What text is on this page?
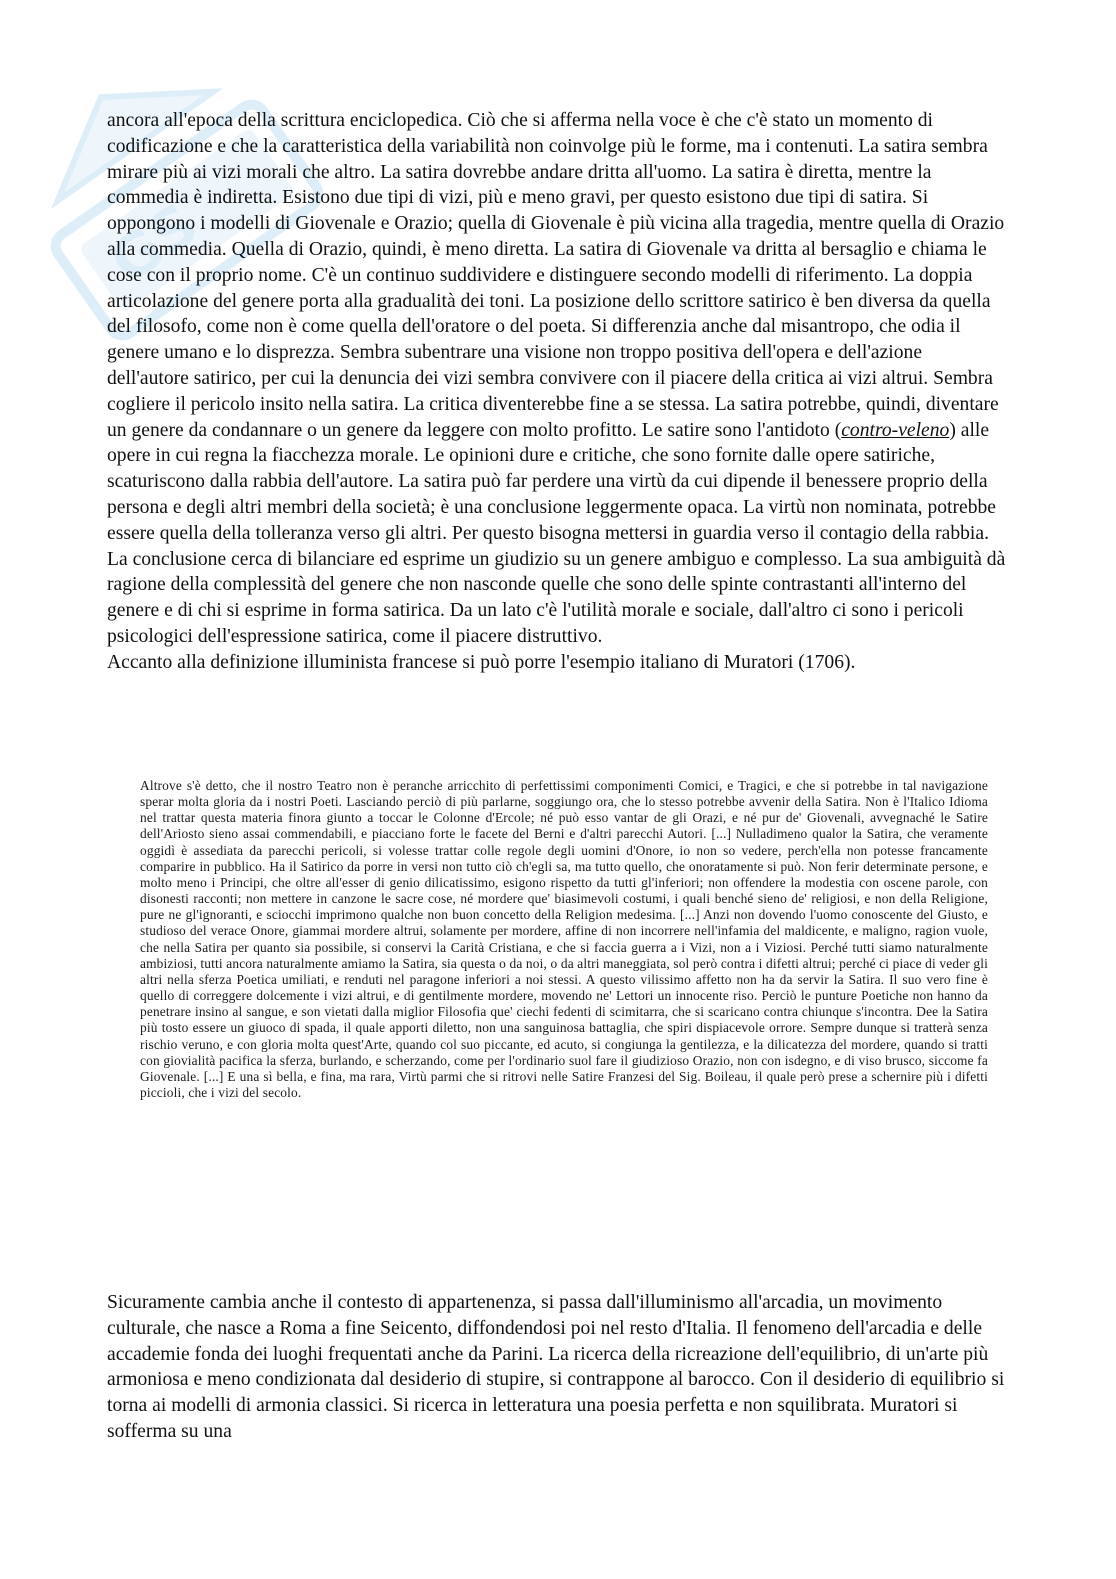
GS

ancora all'epoca della scrittura enciclopedica. Ciò che si afferma nella voce è che c'è stato un momento di codificazione e che la caratteristica della variabilità non coinvolge più le forme, ma i contenuti. La satira sembra mirare più ai vizi morali che altro. La satira dovrebbe andare dritta all'uomo. La satira è diretta, mentre la commedia è indiretta. Esistono due tipi di vizi, più e meno gravi, per questo esistono due tipi di satira. Si oppongono i modelli di Giovenale e Orazio; quella di Giovenale è più vicina alla tragedia, mentre quella di Orazio alla commedia. Quella di Orazio, quindi, è meno diretta. La satira di Giovenale va dritta al bersaglio e chiama le cose con il proprio nome. C'è un continuo suddividere e distinguere secondo modelli di riferimento. La doppia articolazione del genere porta alla gradualità dei toni. La posizione dello scrittore satirico è ben diversa da quella del filosofo, come non è come quella dell'oratore o del poeta. Si differenzia anche dal misantropo, che odia il genere umano e lo disprezza. Sembra subentrare una visione non troppo positiva dell'opera e dell'azione dell'autore satirico, per cui la denuncia dei vizi sembra convivere con il piacere della critica ai vizi altrui. Sembra cogliere il pericolo insito nella satira. La critica diventerebbe fine a se stessa. La satira potrebbe, quindi, diventare un genere da condannare o un genere da leggere con molto profitto. Le satire sono l'antidoto (contro-veleno) alle opere in cui regna la fiacchezza morale. Le opinioni dure e critiche, che sono fornite dalle opere satiriche, scaturiscono dalla rabbia dell'autore. La satira può far perdere una virtù da cui dipende il benessere proprio della persona e degli altri membri della società; è una conclusione leggermente opaca. La virtù non nominata, potrebbe essere quella della tolleranza verso gli altri. Per questo bisogna mettersi in guardia verso il contagio della rabbia. La conclusione cerca di bilanciare ed esprime un giudizio su un genere ambiguo e complesso. La sua ambiguità dà ragione della complessità del genere che non nasconde quelle che sono delle spinte contrastanti all'interno del genere e di chi si esprime in forma satirica. Da un lato c'è l'utilità morale e sociale, dall'altro ci sono i pericoli psicologici dell'espressione satirica, come il piacere distruttivo.

Accanto alla definizione illuminista francese si può porre l'esempio italiano di Muratori (1706).

Altrove s'è detto, che il nostro Teatro non è peranche arricchito di perfettissimi componimenti Comici, e Tragici, e che si potrebbe in tal navigazione sperar molta gloria da i nostri Poeti. Lasciando perciò di più parlarne, soggiungo ora, che lo stesso potrebbe avvenir della Satira. Non è l'Italico Idioma nel trattar questa materia finora giunto a toccar le Colonne d'Ercole; né può esso vantar de gli Orazi, e né pur de' Giovenali, avvegnaché le Satire dell'Ariosto sieno assai commendabili, e piacciano forte le facete del Berni e d'altri parecchi Autori. [...] Nulladimeno qualor la Satira, che veramente oggidì è assediata da parecchi pericoli, si volesse trattar colle regole degli uomini d'Onore, io non so vedere, perch'ella non potesse francamente comparire in pubblico. Ha il Satirico da porre in versi non tutto ciò ch'egli sa, ma tutto quello, che onoratamente si può. Non ferir determinate persone, e molto meno i Principi, che oltre all'esser di genio dilicatissimo, esigono rispetto da tutti gl'inferiori; non offendere la modestia con oscene parole, con disonesti racconti; non mettere in canzone le sacre cose, né mordere que' biasimevoli costumi, i quali benché sieno de' religiosi, e non della Religione, pure ne gl'ignoranti, e sciocchi imprimono qualche non buon concetto della Religion medesima. [...] Anzi non dovendo l'uomo conoscente del Giusto, e studioso del verace Onore, giammai mordere altrui, solamente per mordere, affine di non incorrere nell'infamia del maldicente, e maligno, ragion vuole, che nella Satira per quanto sia possibile, si conservi la Carità Cristiana, e che si faccia guerra a i Vizi, non a i Viziosi. Perché tutti siamo naturalmente ambiziosi, tutti ancora naturalmente amiamo la Satira, sia questa o da noi, o da altri maneggiata, sol però contra i difetti altrui; perché ci piace di veder gli altri nella sferza Poetica umiliati, e renduti nel paragone inferiori a noi stessi. A questo vilissimo affetto non ha da servir la Satira. Il suo vero fine è quello di correggere dolcemente i vizi altrui, e di gentilmente mordere, movendo ne' Lettori un innocente riso. Perciò le punture Poetiche non hanno da penetrare insino al sangue, e son vietati dalla miglior Filosofia que' ciechi fedenti di scimitarra, che si scaricano contra chiunque s'incontra. Dee la Satira più tosto essere un giuoco di spada, il quale apporti diletto, non una sanguinosa battaglia, che spiri dispiacevole orrore. Sempre dunque si tratterà senza rischio veruno, e con gloria molta quest'Arte, quando col suo piccante, ed acuto, si congiunga la gentilezza, e la dilicatezza del mordere, quando si tratti con giovialità pacifica la sferza, burlando, e scherzando, come per l'ordinario suol fare il giudizioso Orazio, non con isdegno, e di viso brusco, siccome fa Giovenale. [...] E una sì bella, e fina, ma rara, Virtù parmi che si ritrovi nelle Satire Franzesi del Sig. Boileau, il quale però prese a schernire più i difetti piccioli, che i vizi del secolo.

Sicuramente cambia anche il contesto di appartenenza, si passa dall'illuminismo all'arcadia, un movimento culturale, che nasce a Roma a fine Seicento, diffondendosi poi nel resto d'Italia. Il fenomeno dell'arcadia e delle accademie fonda dei luoghi frequentati anche da Parini. La ricerca della ricreazione dell'equilibrio, di un'arte più armoniosa e meno condizionata dal desiderio di stupire, si contrappone al barocco. Con il desiderio di equilibrio si torna ai modelli di armonia classici. Si ricerca in letteratura una poesia perfetta e non squilibrata. Muratori si sofferma su una
